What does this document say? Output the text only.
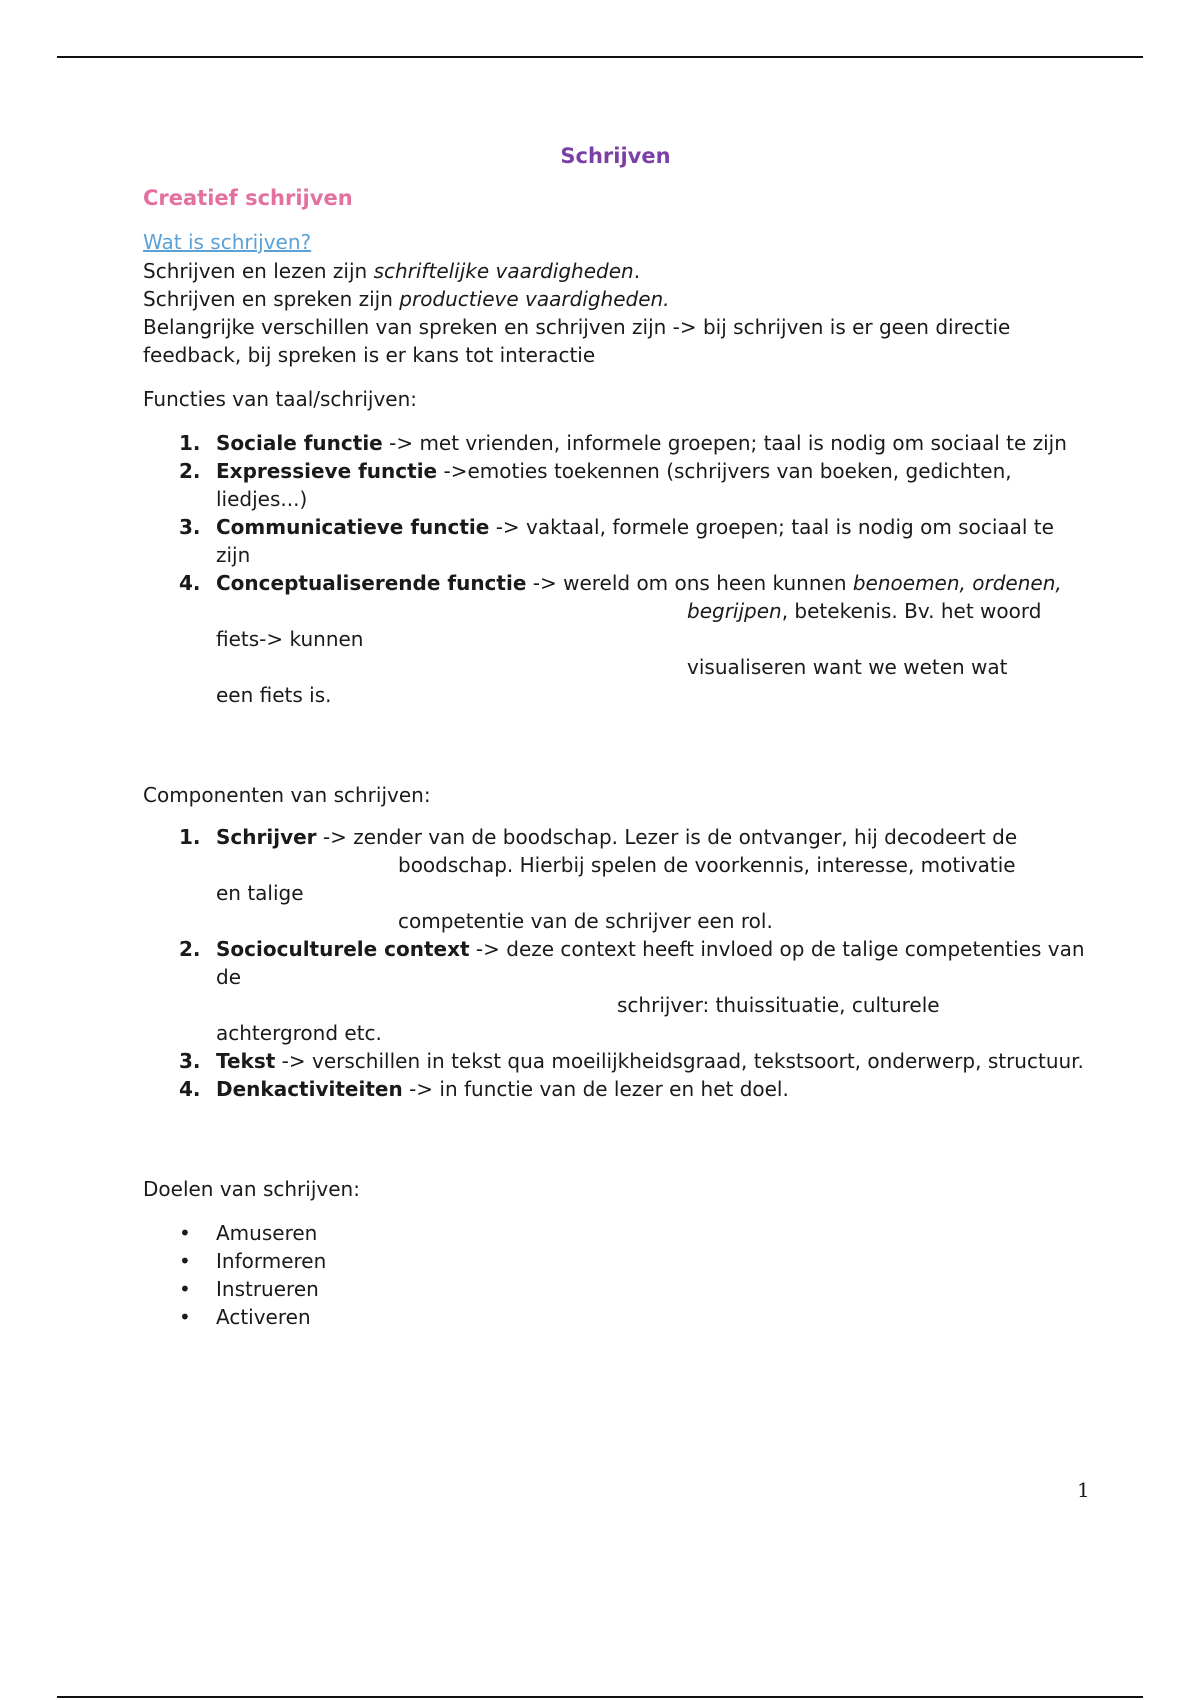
Schrijven
Creatief schrijven
Wat is schrijven?

Schrijven en lezen zijn schriftelijke vaardigheden.

Schrijven en spreken zijn productieve vaardigheden.

Belangrijke verschillen van spreken en schrijven zijn -> bij schrijven is er geen directie feedback, bij spreken is er kans tot interactie

Functies van taal/schrijven:
1. Sociale functie -> met vrienden, informele groepen; taal is nodig om sociaal te zijn
2. Expressieve functie ->emoties toekennen (schrijvers van boeken, gedichten, liedjes...)
3. Communicatieve functie -> vaktaal, formele groepen; taal is nodig om sociaal te zijn
4. Conceptualiserende functie -> wereld om ons heen kunnen benoemen, ordenen,
begrijpen, betekenis. Bv. het woord
fiets-> kunnen
visualiseren want we weten wat
een fiets is.
Componenten van schrijven:
1. Schrijver -> zender van de boodschap. Lezer is de ontvanger, hij decodeert de
boodschap. Hierbij spelen de voorkennis, interesse, motivatie
en talige
competentie van de schrijver een rol.
2. Socioculturele context -> deze context heeft invloed op de talige competenties van de
schrijver: thuissituatie, culturele
achtergrond etc.
3. Tekst -> verschillen in tekst qua moeilijkheidsgraad, tekstsoort, onderwerp, structuur.
4. Denkactiviteiten -> in functie van de lezer en het doel.
Doelen van schrijven:
• Amuseren
• Informeren
• Instrueren
• Activeren
1
